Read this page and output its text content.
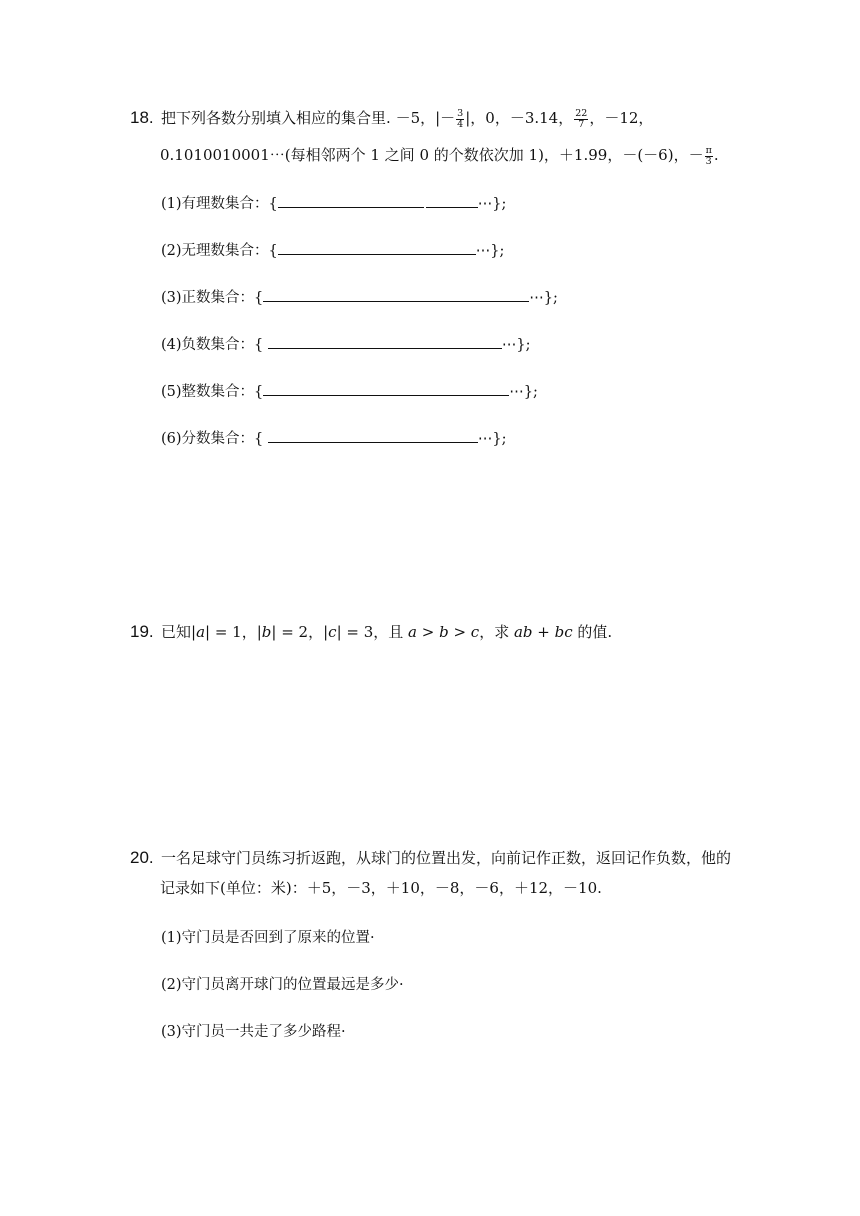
18. 把下列各数分别填入相应的集合里. －5，|－ $\frac{3}{4}$ |，0，－3.14， $\frac{22}{7}$ ，－12，
0.1010010001⋯(每相邻两个 1 之间 0 的个数依次加 1)，＋1.99，－(－6)，－ $\frac{\pi}{3}$ .
(1)有理数集合：{	⋯};
(2)无理数集合：{	⋯};
(3)正数集合：{	⋯};
(4)负数集合：{	⋯};
(5)整数集合：{	⋯};
(6)分数集合：{	⋯};
19. 已知|a| = 1，|b| = 2，|c| = 3，且 a > b > c，求 ab + bc 的值.
20. 一名足球守门员练习折返跑，从球门的位置出发，向前记作正数，返回记作负数，他的
记录如下(单位：米)：＋5，－3，＋10，－8，－6，＋12，－10.
(1)守门员是否回到了原来的位置·
(2)守门员离开球门的位置最远是多少·
(3)守门员一共走了多少路程·
